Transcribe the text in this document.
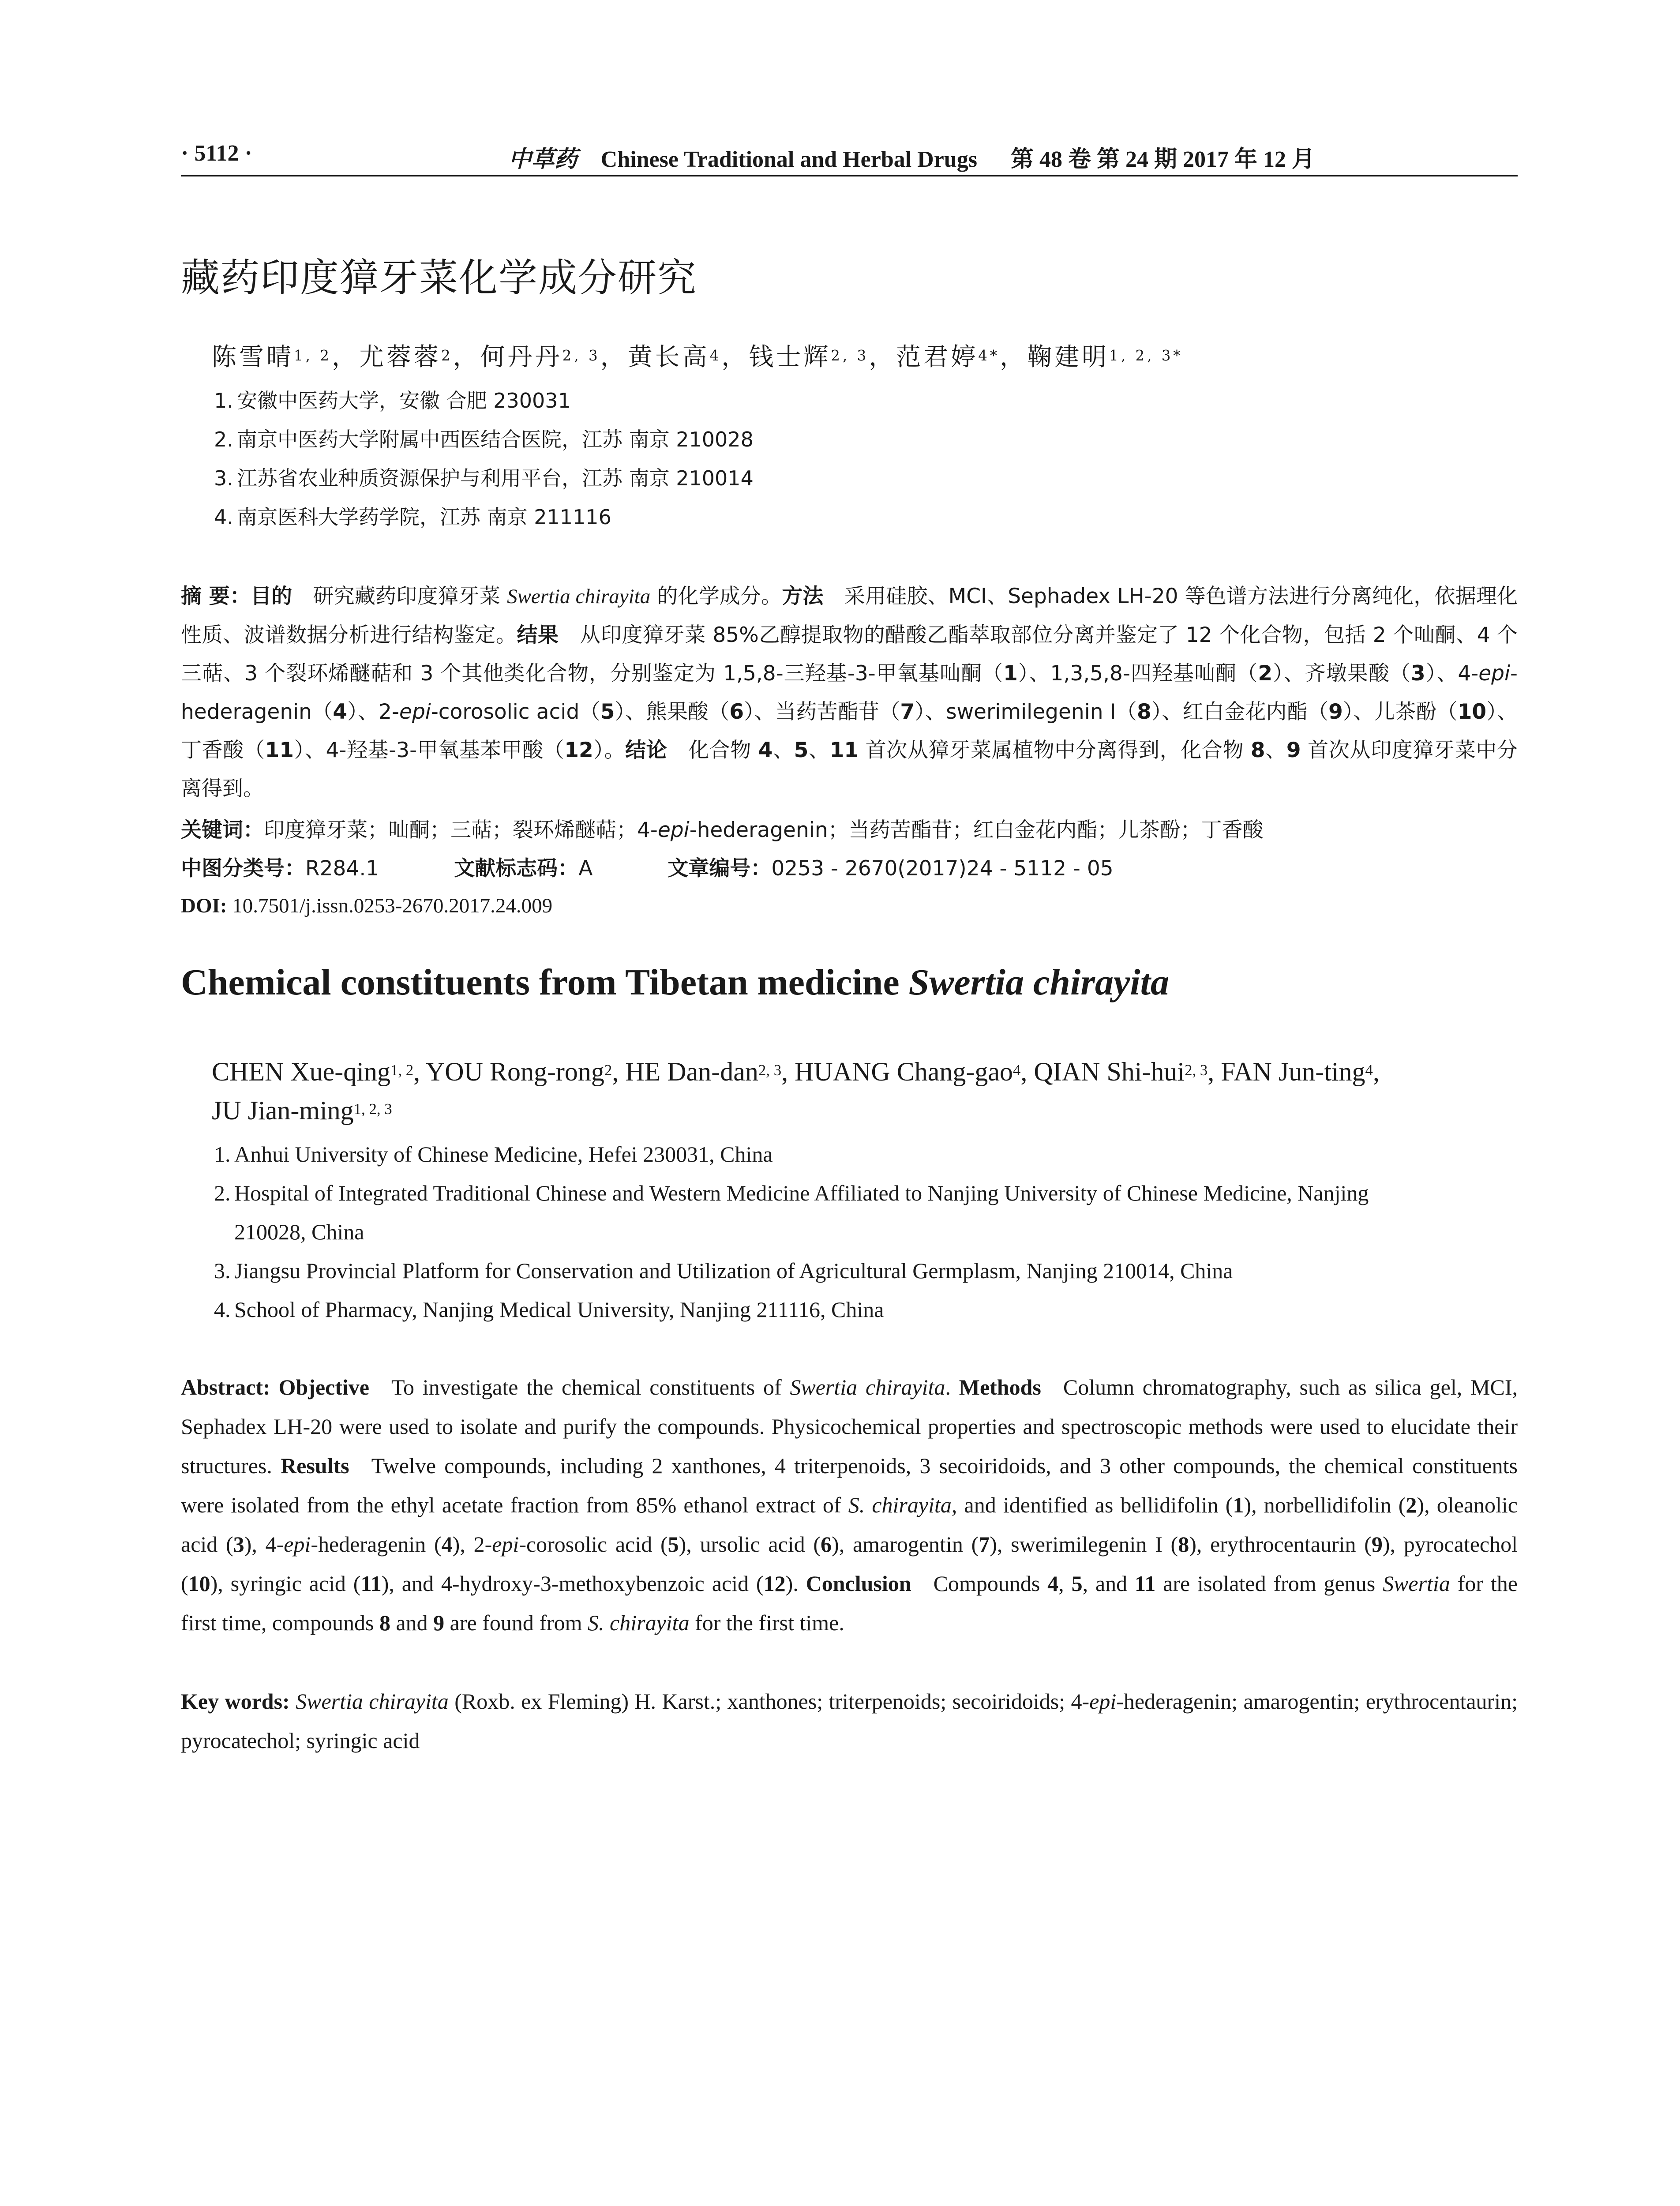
· 5112 ·	中草药 Chinese Traditional and Herbal Drugs 第 48 卷 第 24 期 2017 年 12 月
藏药印度獐牙菜化学成分研究
陈雪晴$^{1, 2}$，尤蓉蓉$^2$，何丹丹$^{2, 3}$，黄长高$^4$，钱士辉$^{2, 3}$，范君婷$^{4*}$，鞠建明$^{1, 2, 3*}$
1. 安徽中医药大学，安徽 合肥 230031
2. 南京中医药大学附属中西医结合医院，江苏 南京 210028
3. 江苏省农业种质资源保护与利用平台，江苏 南京 210014
4. 南京医科大学药学院，江苏 南京 211116
摘 要：目的  研究藏药印度獐牙菜 Swertia chirayita 的化学成分。方法  采用硅胶、MCI、Sephadex LH-20 等色谱方法进行分离纯化，依据理化性质、波谱数据分析进行结构鉴定。结果  从印度獐牙菜 85%乙醇提取物的醋酸乙酯萃取部位分离并鉴定了 12 个化合物，包括 2 个𠮿酮、4 个三萜、3 个裂环烯醚萜和 3 个其他类化合物，分别鉴定为 1,5,8-三羟基-3-甲氧基𠮿酮（1）、1,3,5,8-四羟基𠮿酮（2）、齐墩果酸（3）、4-epi-hederagenin（4）、2-epi-corosolic acid（5）、熊果酸（6）、当药苦酯苷（7）、swerimilegenin I（8）、红白金花内酯（9）、儿茶酚（10）、丁香酸（11）、4-羟基-3-甲氧基苯甲酸（12）。结论  化合物 4、5、11 首次从獐牙菜属植物中分离得到，化合物 8、9 首次从印度獐牙菜中分离得到。
关键词：印度獐牙菜；𠮿酮；三萜；裂环烯醚萜；4-epi-hederagenin；当药苦酯苷；红白金花内酯；儿茶酚；丁香酸
中图分类号：R284.1	文献标志码：A	文章编号：0253 - 2670(2017)24 - 5112 - 05
DOI: 10.7501/j.issn.0253-2670.2017.24.009
Chemical constituents from Tibetan medicine Swertia chirayita
CHEN Xue-qing$^{1, 2}$, YOU Rong-rong$^2$, HE Dan-dan$^{2, 3}$, HUANG Chang-gao$^4$, QIAN Shi-hui$^{2, 3}$, FAN Jun-ting$^4$,
JU Jian-ming$^{1, 2, 3}$
1. Anhui University of Chinese Medicine, Hefei 230031, China
2. Hospital of Integrated Traditional Chinese and Western Medicine Affiliated to Nanjing University of Chinese Medicine, Nanjing
210028, China
3. Jiangsu Provincial Platform for Conservation and Utilization of Agricultural Germplasm, Nanjing 210014, China
4. School of Pharmacy, Nanjing Medical University, Nanjing 211116, China
Abstract: Objective  To investigate the chemical constituents of Swertia chirayita. Methods  Column chromatography, such as silica gel, MCI, Sephadex LH-20 were used to isolate and purify the compounds. Physicochemical properties and spectroscopic methods were used to elucidate their structures. Results  Twelve compounds, including 2 xanthones, 4 triterpenoids, 3 secoiridoids, and 3 other compounds, the chemical constituents were isolated from the ethyl acetate fraction from 85% ethanol extract of S. chirayita, and identified as bellidifolin (1), norbellidifolin (2), oleanolic acid (3), 4-epi-hederagenin (4), 2-epi-corosolic acid (5), ursolic acid (6), amarogentin (7), swerimilegenin I (8), erythrocentaurin (9), pyrocatechol (10), syringic acid (11), and 4-hydroxy-3-methoxybenzoic acid (12). Conclusion  Compounds 4, 5, and 11 are isolated from genus Swertia for the first time, compounds 8 and 9 are found from S. chirayita for the first time.
Key words: Swertia chirayita (Roxb. ex Fleming) H. Karst.; xanthones; triterpenoids; secoiridoids; 4-epi-hederagenin; amarogentin; erythrocentaurin; pyrocatechol; syringic acid
